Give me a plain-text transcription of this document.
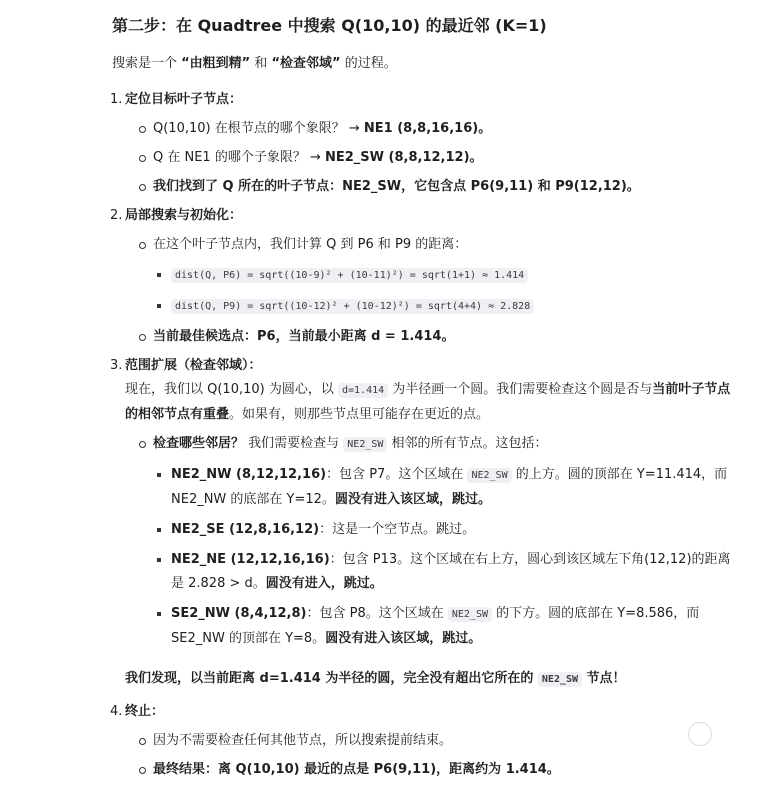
第二步：在 Quadtree 中搜索 Q(10,10) 的最近邻 (K=1)

搜索是一个 “由粗到精” 和 “检查邻域” 的过程。

1. 定位目标叶子节点：
Q(10,10) 在根节点的哪个象限？ → NE1 (8,8,16,16)。
Q 在 NE1 的哪个子象限？ → NE2_SW (8,8,12,12)。
我们找到了 Q 所在的叶子节点：NE2_SW，它包含点 P6(9,11) 和 P9(12,12)。
2. 局部搜索与初始化：
在这个叶子节点内，我们计算 Q 到 P6 和 P9 的距离：
dist(Q, P6) = sqrt((10-9)² + (10-11)²) = sqrt(1+1) ≈ 1.414
dist(Q, P9) = sqrt((10-12)² + (10-12)²) = sqrt(4+4) ≈ 2.828
当前最佳候选点：P6，当前最小距离 d = 1.414。
3. 范围扩展（检查邻域）：

现在，我们以 Q(10,10) 为圆心，以 d=1.414 为半径画一个圆。我们需要检查这个圆是否与当前叶子节点的相邻节点有重叠。如果有，则那些节点里可能存在更近的点。

检查哪些邻居？ 我们需要检查与 NE2_SW 相邻的所有节点。这包括：
NE2_NW (8,12,12,16)：包含 P7。这个区域在 NE2_SW 的上方。圆的顶部在 Y=11.414，而 NE2_NW 的底部在 Y=12。圆没有进入该区域，跳过。
NE2_SE (12,8,16,12)：这是一个空节点。跳过。
NE2_NE (12,12,16,16)：包含 P13。这个区域在右上方，圆心到该区域左下角(12,12)的距离是 2.828 > d。圆没有进入，跳过。
SE2_NW (8,4,12,8)：包含 P8。这个区域在 NE2_SW 的下方。圆的底部在 Y=8.586，而 SE2_NW 的顶部在 Y=8。圆没有进入该区域，跳过。

我们发现，以当前距离 d=1.414 为半径的圆，完全没有超出它所在的 NE2_SW 节点！

4. 终止：
因为不需要检查任何其他节点，所以搜索提前结束。
最终结果：离 Q(10,10) 最近的点是 P6(9,11)，距离约为 1.414。
